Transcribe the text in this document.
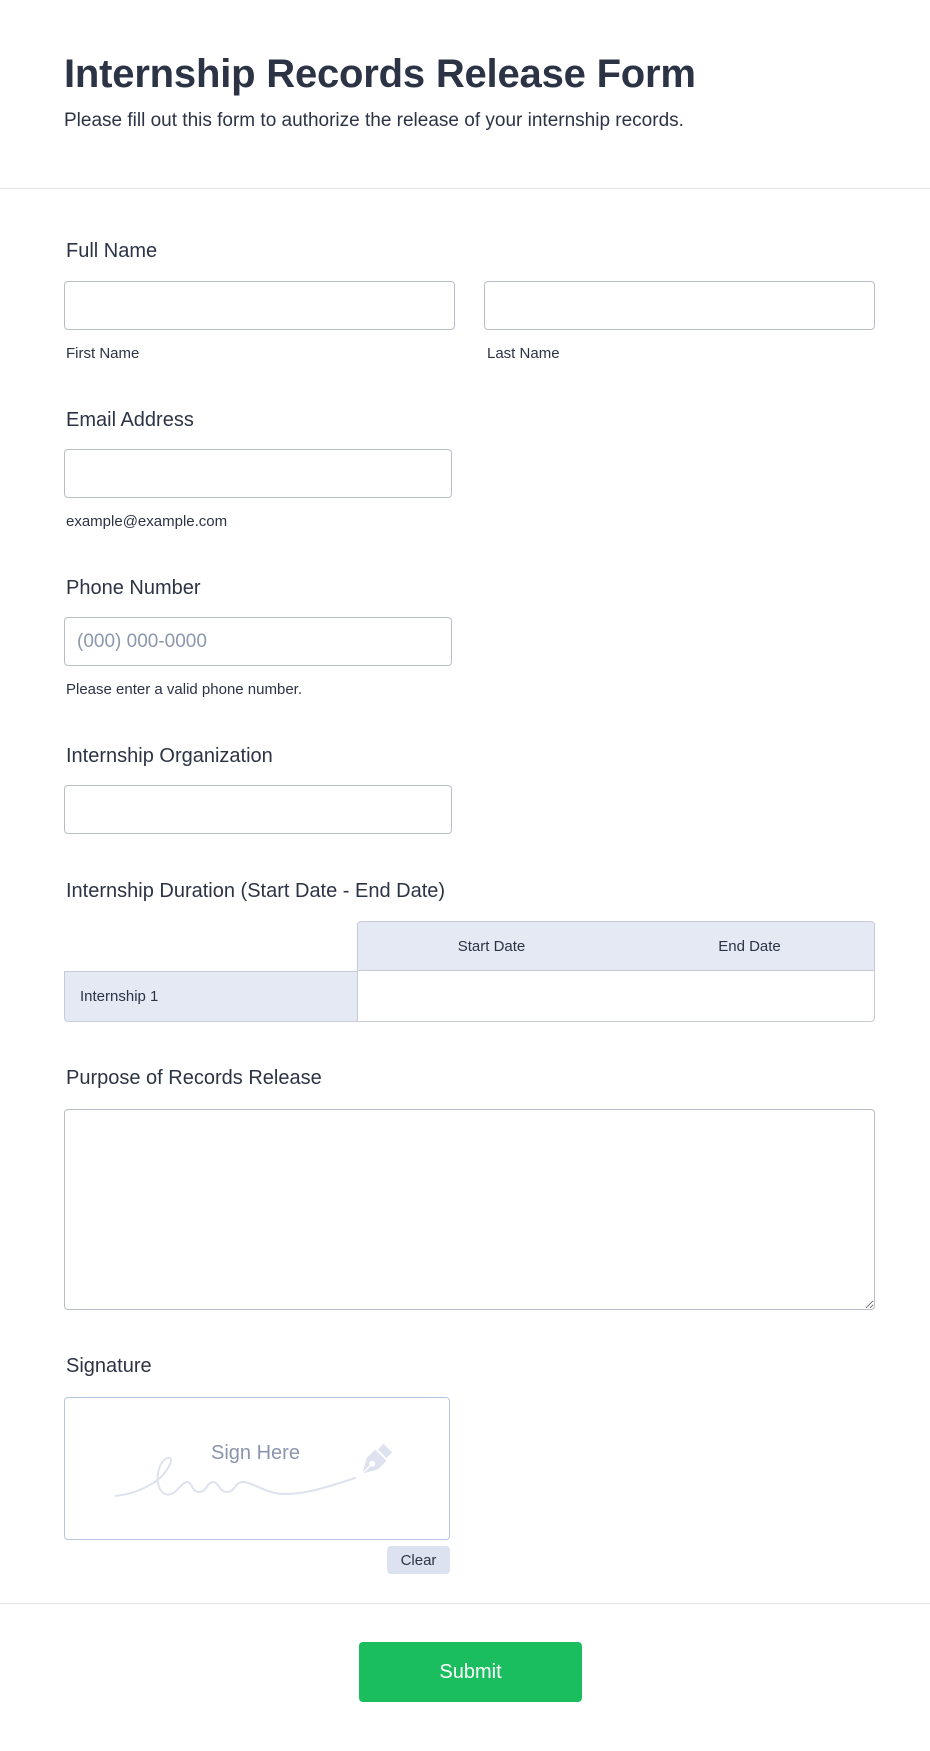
Internship Records Release Form

Please fill out this form to authorize the release of your internship records.

Full Name
First Name	Last Name
Email Address
example@example.com
Phone Number
(000) 000-0000
Please enter a valid phone number.
Internship Organization
Internship Duration (Start Date - End Date)
Start Date	End Date
Internship 1
Purpose of Records Release
Signature
Sign Here
Clear
Submit
